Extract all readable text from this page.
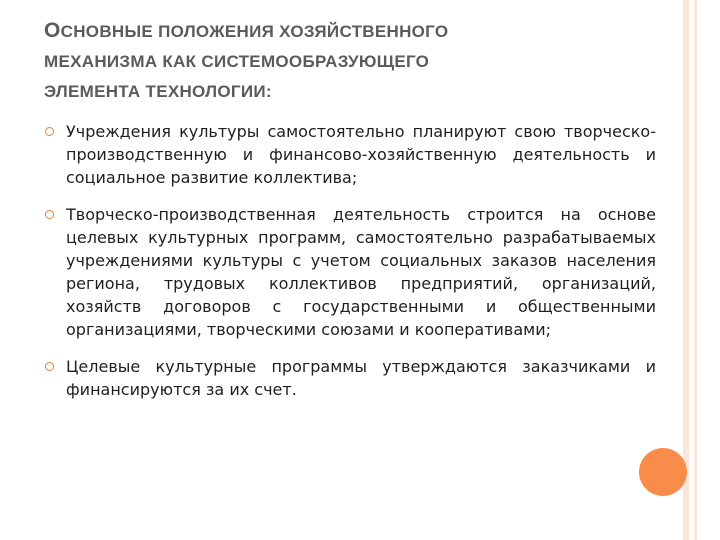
ОСНОВНЫЕ ПОЛОЖЕНИЯ ХОЗЯЙСТВЕННОГО
МЕХАНИЗМА КАК СИСТЕМООБРАЗУЮЩЕГО
ЭЛЕМЕНТА ТЕХНОЛОГИИ:
Учреждения культуры самостоятельно планируют свою творческо-производственную и финансово-хозяйственную деятельность и социальное развитие коллектива;
Творческо-производственная деятельность строится на основе целевых культурных программ, самостоятельно разрабатываемых учреждениями культуры с учетом социальных заказов населения региона, трудовых коллективов предприятий, организаций, хозяйств договоров с государственными и общественными организациями, творческими союзами и кооперативами;
Целевые культурные программы утверждаются заказчиками и финансируются за их счет.
